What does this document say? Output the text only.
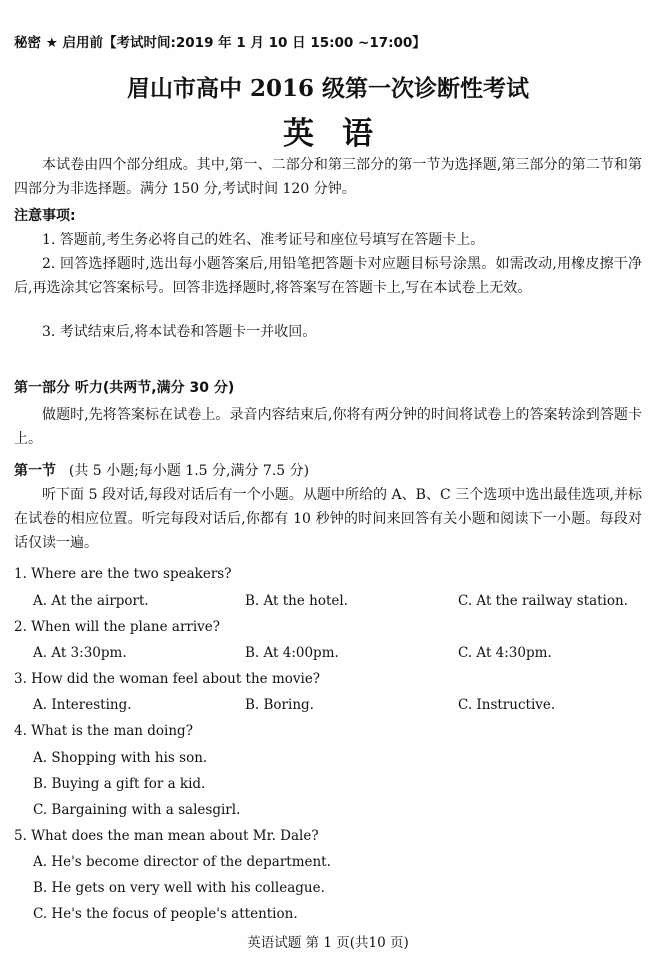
秘密 ★ 启用前【考试时间:2019 年 1 月 10 日 15:00 ~17:00】
眉山市高中 2016 级第一次诊断性考试
英语
本试卷由四个部分组成。其中,第一、二部分和第三部分的第一节为选择题,第三部分的第二节和第四部分为非选择题。满分 150 分,考试时间 120 分钟。
注意事项:
1. 答题前,考生务必将自己的姓名、准考证号和座位号填写在答题卡上。
2. 回答选择题时,选出每小题答案后,用铅笔把答题卡对应题目标号涂黑。如需改动,用橡皮擦干净后,再选涂其它答案标号。回答非选择题时,将答案写在答题卡上,写在本试卷上无效。
3. 考试结束后,将本试卷和答题卡一并收回。
第一部分 听力(共两节,满分 30 分)
做题时,先将答案标在试卷上。录音内容结束后,你将有两分钟的时间将试卷上的答案转涂到答题卡上。
第一节 (共 5 小题;每小题 1.5 分,满分 7.5 分)
听下面 5 段对话,每段对话后有一个小题。从题中所给的 A、B、C 三个选项中选出最佳选项,并标在试卷的相应位置。听完每段对话后,你都有 10 秒钟的时间来回答有关小题和阅读下一小题。每段对话仅读一遍。
1. Where are the two speakers?
A. At the airport.	B. At the hotel.	C. At the railway station.
2. When will the plane arrive?
A. At 3:30pm.	B. At 4:00pm.	C. At 4:30pm.
3. How did the woman feel about the movie?
A. Interesting.	B. Boring.	C. Instructive.
4. What is the man doing?
A. Shopping with his son.
B. Buying a gift for a kid.
C. Bargaining with a salesgirl.
5. What does the man mean about Mr. Dale?
A. He's become director of the department.
B. He gets on very well with his colleague.
C. He's the focus of people's attention.
英语试题 第 1 页(共10 页)
